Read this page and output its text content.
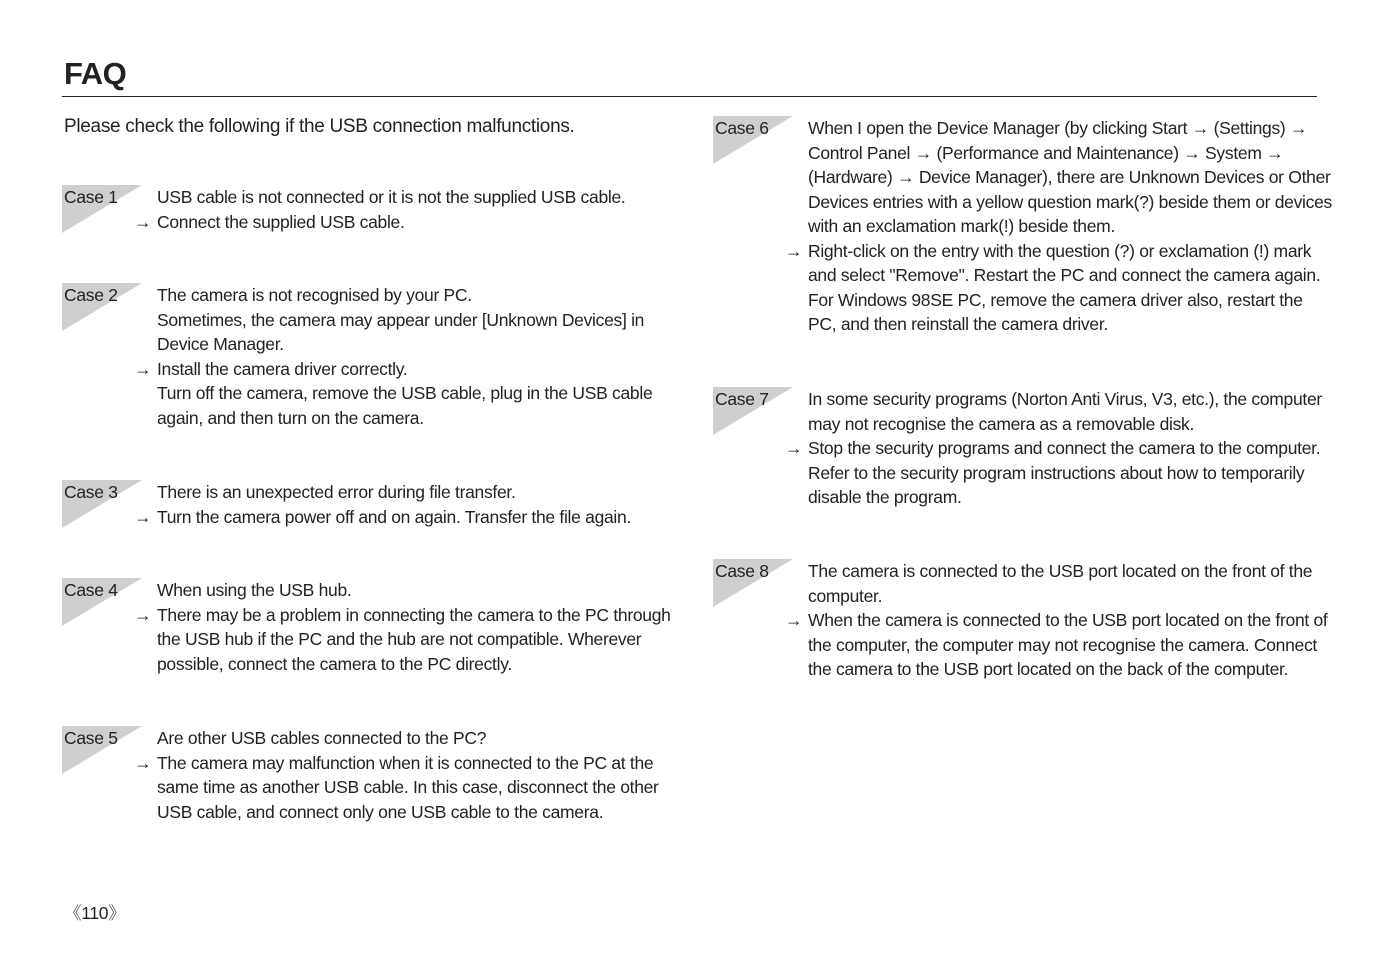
FAQ
Please check the following if the USB connection malfunctions.
Case 1 USB cable is not connected or it is not the supplied USB cable.
→ Connect the supplied USB cable.
Case 2 The camera is not recognised by your PC.
Sometimes, the camera may appear under [Unknown Devices] in
Device Manager.
→ Install the camera driver correctly.
Turn off the camera, remove the USB cable, plug in the USB cable
again, and then turn on the camera.
Case 3 There is an unexpected error during file transfer.
→ Turn the camera power off and on again. Transfer the file again.
Case 4 When using the USB hub.
→ There may be a problem in connecting the camera to the PC through
the USB hub if the PC and the hub are not compatible. Wherever
possible, connect the camera to the PC directly.
Case 5 Are other USB cables connected to the PC?
→ The camera may malfunction when it is connected to the PC at the
same time as another USB cable. In this case, disconnect the other
USB cable, and connect only one USB cable to the camera.
Case 6 When I open the Device Manager (by clicking Start → (Settings) →
Control Panel → (Performance and Maintenance) → System →
(Hardware) → Device Manager), there are Unknown Devices or Other
Devices entries with a yellow question mark(?) beside them or devices
with an exclamation mark(!) beside them.
→ Right-click on the entry with the question (?) or exclamation (!) mark
and select "Remove". Restart the PC and connect the camera again.
For Windows 98SE PC, remove the camera driver also, restart the
PC, and then reinstall the camera driver.
Case 7 In some security programs (Norton Anti Virus, V3, etc.), the computer
may not recognise the camera as a removable disk.
→ Stop the security programs and connect the camera to the computer.
Refer to the security program instructions about how to temporarily
disable the program.
Case 8 The camera is connected to the USB port located on the front of the
computer.
→ When the camera is connected to the USB port located on the front of
the computer, the computer may not recognise the camera. Connect
the camera to the USB port located on the back of the computer.
《110》
